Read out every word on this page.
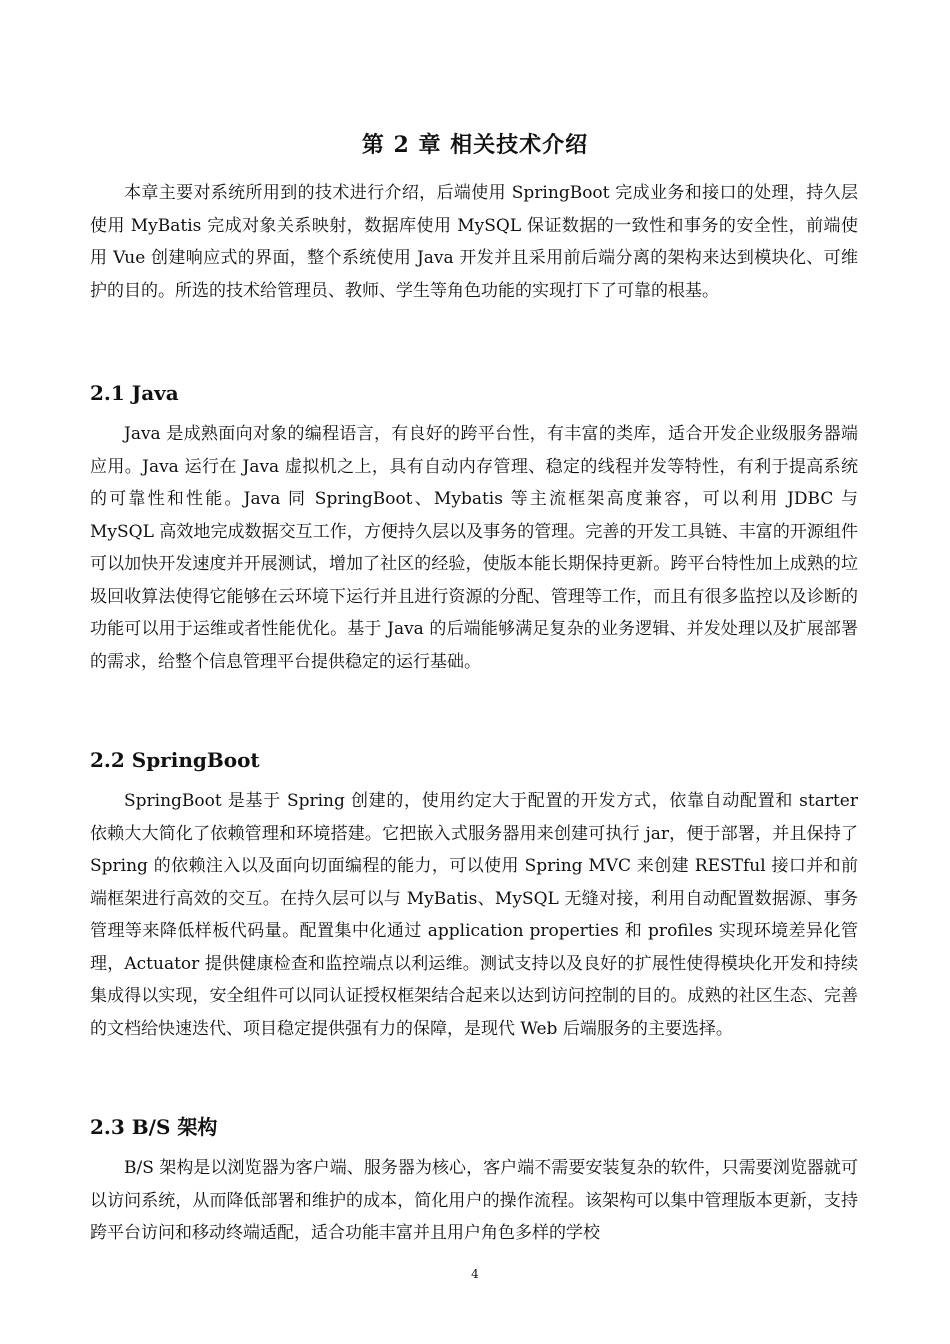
第 2 章 相关技术介绍

本章主要对系统所用到的技术进行介绍，后端使用 SpringBoot 完成业务和接口的处理，持久层使用 MyBatis 完成对象关系映射，数据库使用 MySQL 保证数据的一致性和事务的安全性，前端使用 Vue 创建响应式的界面，整个系统使用 Java 开发并且采用前后端分离的架构来达到模块化、可维护的目的。所选的技术给管理员、教师、学生等角色功能的实现打下了可靠的根基。

2.1 Java

Java 是成熟面向对象的编程语言，有良好的跨平台性，有丰富的类库，适合开发企业级服务器端应用。Java 运行在 Java 虚拟机之上，具有自动内存管理、稳定的线程并发等特性，有利于提高系统的可靠性和性能。Java 同 SpringBoot、Mybatis 等主流框架高度兼容，可以利用 JDBC 与 MySQL 高效地完成数据交互工作，方便持久层以及事务的管理。完善的开发工具链、丰富的开源组件可以加快开发速度并开展测试，增加了社区的经验，使版本能长期保持更新。跨平台特性加上成熟的垃圾回收算法使得它能够在云环境下运行并且进行资源的分配、管理等工作，而且有很多监控以及诊断的功能可以用于运维或者性能优化。基于 Java 的后端能够满足复杂的业务逻辑、并发处理以及扩展部署的需求，给整个信息管理平台提供稳定的运行基础。

2.2 SpringBoot

SpringBoot 是基于 Spring 创建的，使用约定大于配置的开发方式，依靠自动配置和 starter 依赖大大简化了依赖管理和环境搭建。它把嵌入式服务器用来创建可执行 jar，便于部署，并且保持了 Spring 的依赖注入以及面向切面编程的能力，可以使用 Spring MVC 来创建 RESTful 接口并和前端框架进行高效的交互。在持久层可以与 MyBatis、MySQL 无缝对接，利用自动配置数据源、事务管理等来降低样板代码量。配置集中化通过 application properties 和 profiles 实现环境差异化管理，Actuator 提供健康检查和监控端点以利运维。测试支持以及良好的扩展性使得模块化开发和持续集成得以实现，安全组件可以同认证授权框架结合起来以达到访问控制的目的。成熟的社区生态、完善的文档给快速迭代、项目稳定提供强有力的保障，是现代 Web 后端服务的主要选择。

2.3 B/S 架构

B/S 架构是以浏览器为客户端、服务器为核心，客户端不需要安装复杂的软件，只需要浏览器就可以访问系统，从而降低部署和维护的成本，简化用户的操作流程。该架构可以集中管理版本更新，支持跨平台访问和移动终端适配，适合功能丰富并且用户角色多样的学校

4
